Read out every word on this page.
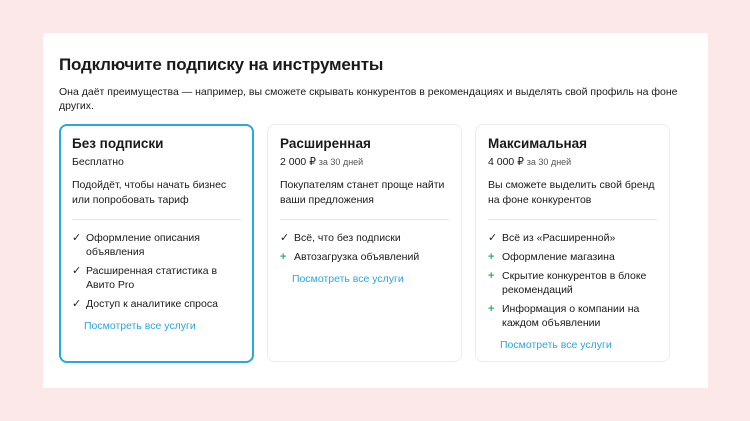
Подключите подписку на инструменты
Она даёт преимущества — например, вы сможете скрывать конкурентов в рекомендациях и выделять свой профиль на фоне других.
Без подписки
Бесплатно
Подойдёт, чтобы начать бизнес или попробовать тариф
✓ Оформление описания объявления
✓ Расширенная статистика в Авито Pro
✓ Доступ к аналитике спроса
Посмотреть все услуги
Расширенная
2 000 ₽ за 30 дней
Покупателям станет проще найти ваши предложения
✓ Всё, что без подписки
+ Автозагрузка объявлений
Посмотреть все услуги
Максимальная
4 000 ₽ за 30 дней
Вы сможете выделить свой бренд на фоне конкурентов
✓ Всё из «Расширенной»
+ Оформление магазина
+ Скрытие конкурентов в блоке рекомендаций
+ Информация о компании на каждом объявлении
Посмотреть все услуги
